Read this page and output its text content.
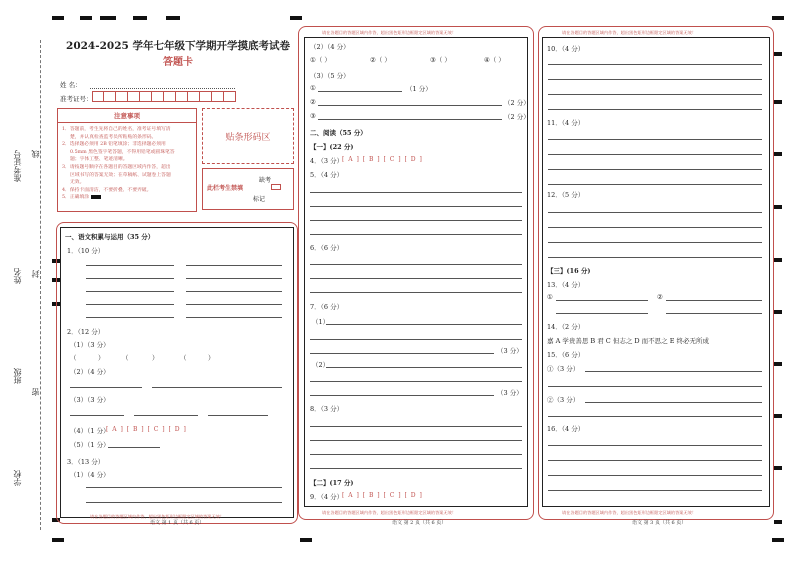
准考证号 线
姓名 封
班级
密
学校
2024-2025 学年七年级下学期开学摸底考试卷
答题卡
姓 名：
准考证号：
注意事项
1．答题前，考生先将自己的姓名，准考证号填写清
楚，并认真检查监考员所粘贴的条形码。
2．选择题必须用 2B 铅笔填涂；非选择题必须用
0.5mm 黑色签字笔答题，不得用铅笔或圆珠笔答
题；字体工整、笔迹清晰。
3．请按题号顺序在各题目的答题区域内作答，超出
区域书写的答案无效；在草稿纸、试题卷上答题
无效。
4．保持卡面清洁，不要折叠、不要弄破。
5．正确填涂
贴条形码区
此栏考生禁填
缺考
标记
请在各题目的答题区域内作答，超出黑色矩形边框限定区域的答案无效！
语文 第 1 页（共 6 页）
一、语文积累与运用（35 分）
1．（10 分）
2．（12 分）
（1）（3 分）
（	）	（	）	（	）
（2）（4 分）
（3）（3 分）
（4）（1 分）
[ A ] [ B ] [ C ] [ D ]
（5）（1 分）
3．（13 分）
（1）（4 分）
请在各题目的答题区域内作答，超出黑色矩形边框限定区域的答案无效！
请在各题目的答题区域内作答，超出黑色矩形边框限定区域的答案无效！
语文 第 2 页（共 6 页）
（2）（4 分）
①（ ）	②（ ）	③（ ）	④（ ）
（3）（5 分）
①	（1 分）
②	（2 分）
③	（2 分）
二、阅读（55 分）
【一】(22 分)
4．（3 分）
[ A ] [ B ] [ C ] [ D ]
5．（4 分）
6．（6 分）
7．（6 分）
（1）
（3 分）
（2）
（3 分）
8．（3 分）
【二】(17 分)
9．（4 分）
[ A ] [ B ] [ C ] [ D ]
请在各题目的答题区域内作答，超出黑色矩形边框限定区域的答案无效！
请在各题目的答题区域内作答，超出黑色矩形边框限定区域的答案无效！
语文 第 3 页（共 6 页）
10．（4 分）
11．（4 分）
12．（5 分）
【三】(16 分)
13．（4 分）
①	②
14．（2 分）
嘉 A 学贵善思 B 君 C 但志之 D 而不思之 E 终必无所成
15．（6 分）
①（3 分）
②（3 分）
16．（4 分）
